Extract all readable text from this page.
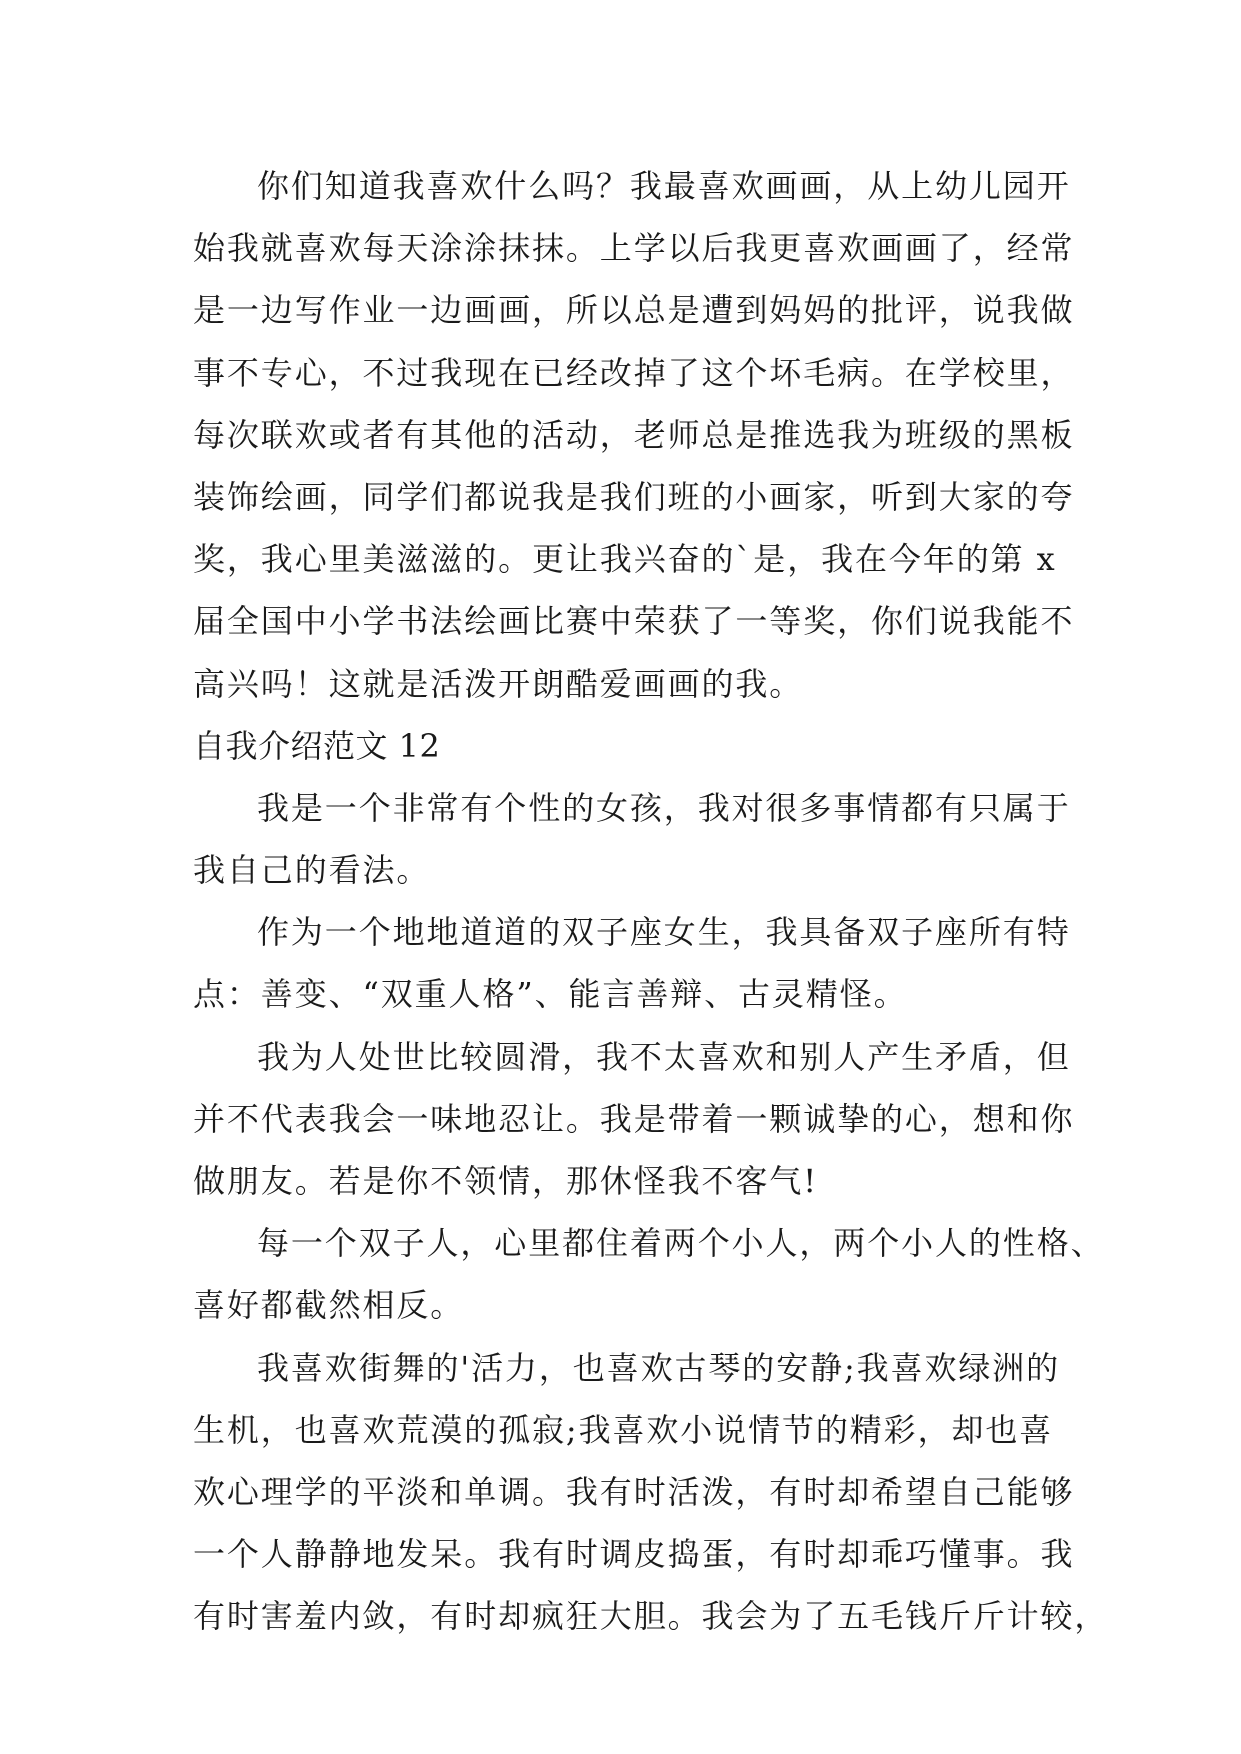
你们知道我喜欢什么吗？我最喜欢画画，从上幼儿园开
始我就喜欢每天涂涂抹抹。上学以后我更喜欢画画了，经常
是一边写作业一边画画，所以总是遭到妈妈的批评，说我做
事不专心，不过我现在已经改掉了这个坏毛病。在学校里，
每次联欢或者有其他的活动，老师总是推选我为班级的黑板
装饰绘画，同学们都说我是我们班的小画家，听到大家的夸
奖，我心里美滋滋的。更让我兴奋的`是，我在今年的第 x
届全国中小学书法绘画比赛中荣获了一等奖，你们说我能不
高兴吗！这就是活泼开朗酷爱画画的我。
自我介绍范文 12
我是一个非常有个性的女孩，我对很多事情都有只属于
我自己的看法。
作为一个地地道道的双子座女生，我具备双子座所有特
点：善变、“双重人格”、能言善辩、古灵精怪。
我为人处世比较圆滑，我不太喜欢和别人产生矛盾，但
并不代表我会一味地忍让。我是带着一颗诚挚的心，想和你
做朋友。若是你不领情，那休怪我不客气!
每一个双子人，心里都住着两个小人，两个小人的性格、
喜好都截然相反。
我喜欢街舞的'活力，也喜欢古琴的安静;我喜欢绿洲的
生机，也喜欢荒漠的孤寂;我喜欢小说情节的精彩，却也喜
欢心理学的平淡和单调。我有时活泼，有时却希望自己能够
一个人静静地发呆。我有时调皮捣蛋，有时却乖巧懂事。我
有时害羞内敛，有时却疯狂大胆。我会为了五毛钱斤斤计较，
